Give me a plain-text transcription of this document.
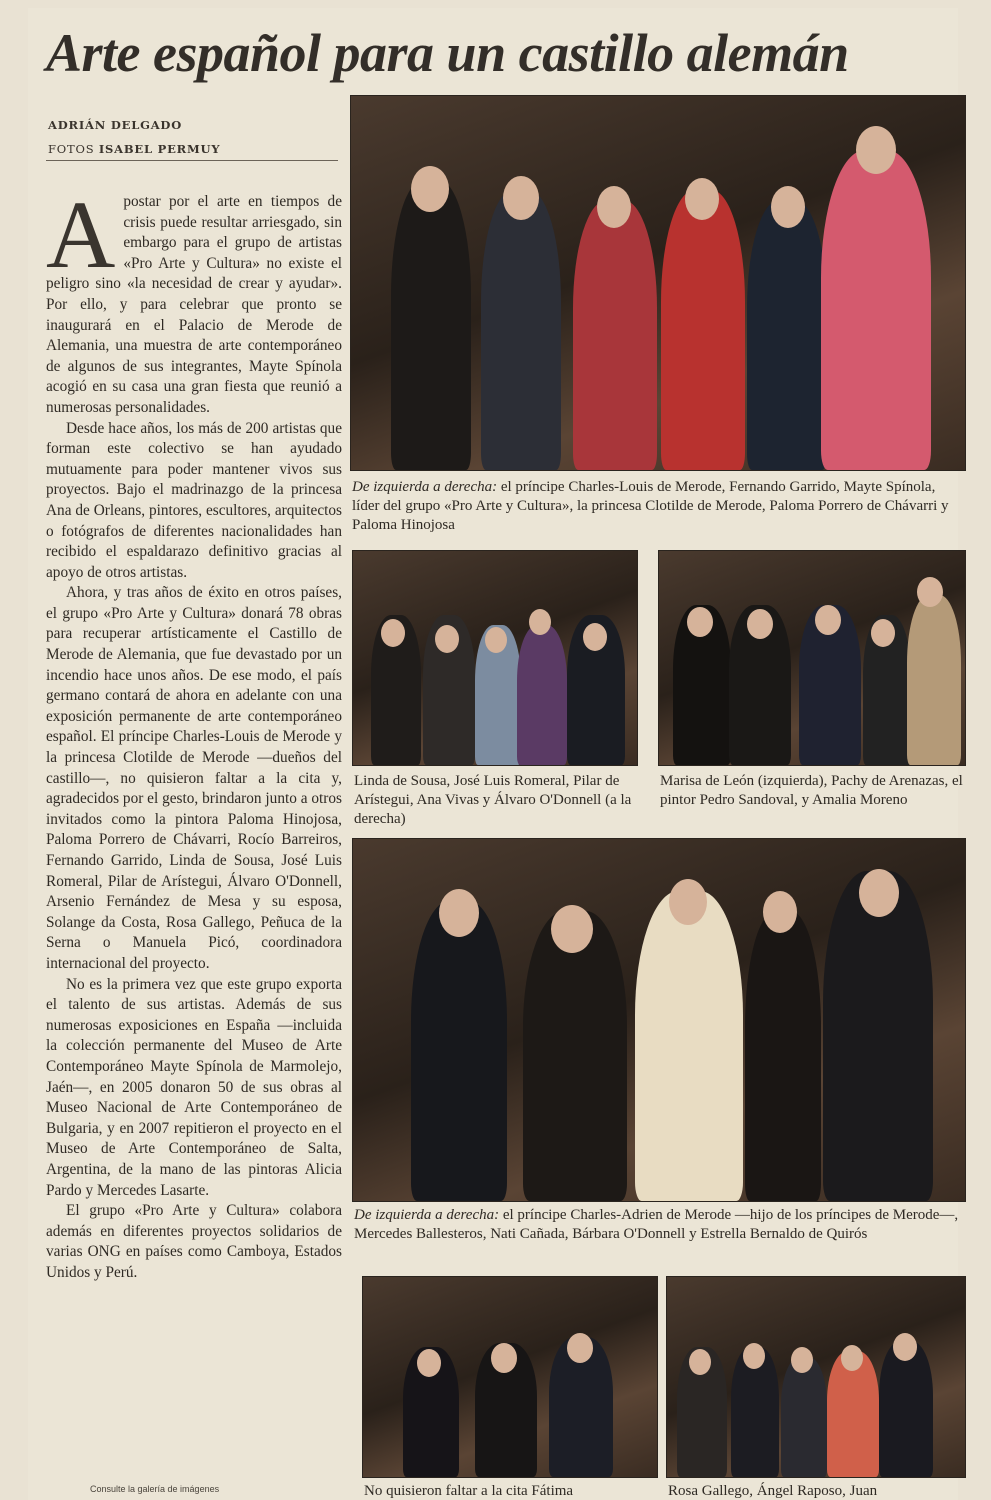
Arte español para un castillo alemán
ADRIÁN DELGADO
FOTOS ISABEL PERMUY

Apostar por el arte en tiempos de crisis puede resultar arriesgado, sin embargo para el grupo de artistas «Pro Arte y Cultura» no existe el peligro sino «la necesidad de crear y ayudar». Por ello, y para celebrar que pronto se inaugurará en el Palacio de Merode de Alemania, una muestra de arte contemporáneo de algunos de sus integrantes, Mayte Spínola acogió en su casa una gran fiesta que reunió a numerosas personalidades.

Desde hace años, los más de 200 artistas que forman este colectivo se han ayudado mutuamente para poder mantener vivos sus proyectos. Bajo el madrinazgo de la princesa Ana de Orleans, pintores, escultores, arquitectos o fotógrafos de diferentes nacionalidades han recibido el espaldarazo definitivo gracias al apoyo de otros artistas.

Ahora, y tras años de éxito en otros países, el grupo «Pro Arte y Cultura» donará 78 obras para recuperar artísticamente el Castillo de Merode de Alemania, que fue devastado por un incendio hace unos años. De ese modo, el país germano contará de ahora en adelante con una exposición permanente de arte contemporáneo español. El príncipe Charles-Louis de Merode y la princesa Clotilde de Merode —dueños del castillo—, no quisieron faltar a la cita y, agradecidos por el gesto, brindaron junto a otros invitados como la pintora Paloma Hinojosa, Paloma Porrero de Chávarri, Rocío Barreiros, Fernando Garrido, Linda de Sousa, José Luis Romeral, Pilar de Arístegui, Álvaro O'Donnell, Arsenio Fernández de Mesa y su esposa, Solange da Costa, Rosa Gallego, Peñuca de la Serna o Manuela Picó, coordinadora internacional del proyecto.

No es la primera vez que este grupo exporta el talento de sus artistas. Además de sus numerosas exposiciones en España —incluida la colección permanente del Museo de Arte Contemporáneo Mayte Spínola de Marmolejo, Jaén—, en 2005 donaron 50 de sus obras al Museo Nacional de Arte Contemporáneo de Bulgaria, y en 2007 repitieron el proyecto en el Museo de Arte Contemporáneo de Salta, Argentina, de la mano de las pintoras Alicia Pardo y Mercedes Lasarte.

El grupo «Pro Arte y Cultura» colabora además en diferentes proyectos solidarios de varias ONG en países como Camboya, Estados Unidos y Perú.

De izquierda a derecha: el príncipe Charles-Louis de Merode, Fernando Garrido, Mayte Spínola, líder del grupo «Pro Arte y Cultura», la princesa Clotilde de Merode, Paloma Porrero de Chávarri y Paloma Hinojosa
Linda de Sousa, José Luis Romeral, Pilar de Arístegui, Ana Vivas y Álvaro O'Donnell (a la derecha)
Marisa de León (izquierda), Pachy de Arenazas, el pintor Pedro Sandoval, y Amalia Moreno
De izquierda a derecha: el príncipe Charles-Adrien de Merode —hijo de los príncipes de Merode—, Mercedes Ballesteros, Nati Cañada, Bárbara O'Donnell y Estrella Bernaldo de Quirós
No quisieron faltar a la cita Fátima	Rosa Gallego, Ángel Raposo, Juan
Consulte la galería de imágenes
